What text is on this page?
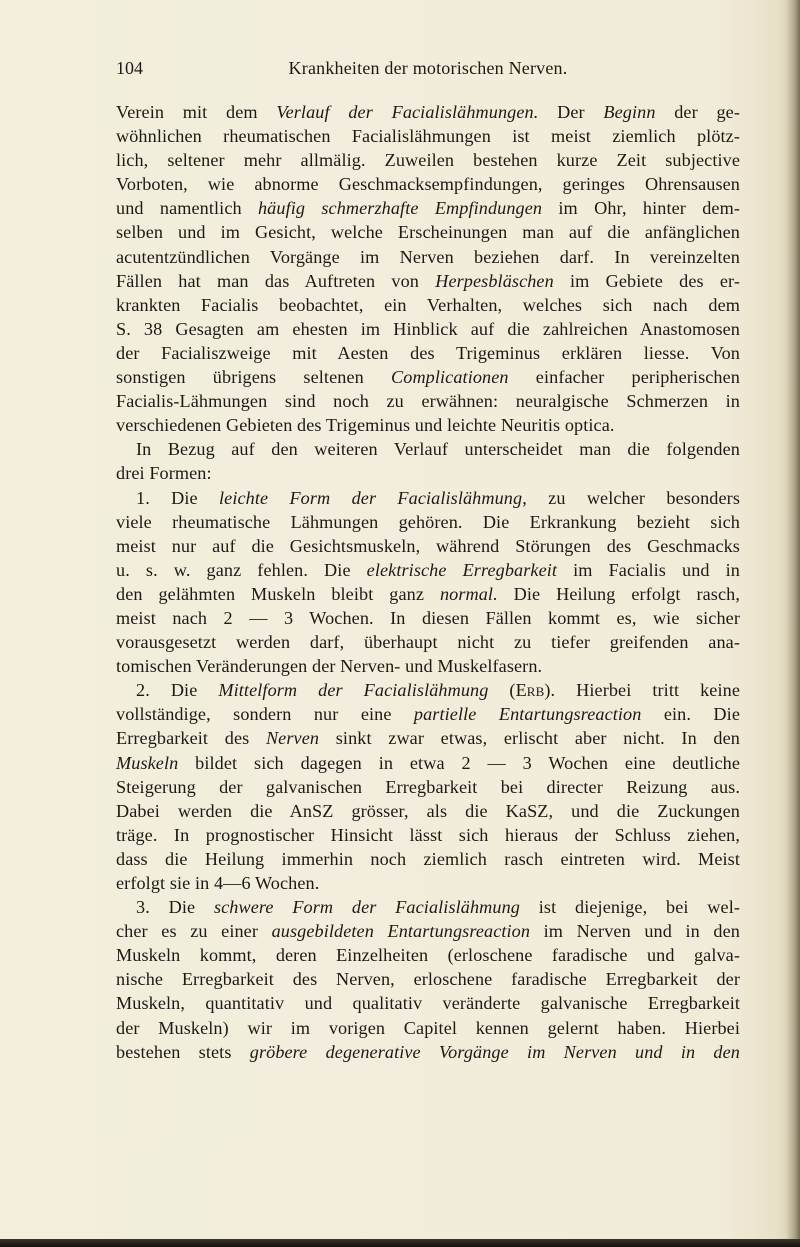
104	Krankheiten der motorischen Nerven.
Verein mit dem Verlauf der Facialislähmungen. Der Beginn der ge-
wöhnlichen rheumatischen Facialislähmungen ist meist ziemlich plötz-
lich, seltener mehr allmälig. Zuweilen bestehen kurze Zeit subjective
Vorboten, wie abnorme Geschmacksempfindungen, geringes Ohrensausen
und namentlich häufig schmerzhafte Empfindungen im Ohr, hinter dem-
selben und im Gesicht, welche Erscheinungen man auf die anfänglichen
acutentzündlichen Vorgänge im Nerven beziehen darf. In vereinzelten
Fällen hat man das Auftreten von Herpesbläschen im Gebiete des er-
krankten Facialis beobachtet, ein Verhalten, welches sich nach dem
S. 38 Gesagten am ehesten im Hinblick auf die zahlreichen Anastomosen
der Facialiszweige mit Aesten des Trigeminus erklären liesse. Von
sonstigen übrigens seltenen Complicationen einfacher peripherischen
Facialis-Lähmungen sind noch zu erwähnen: neuralgische Schmerzen in
verschiedenen Gebieten des Trigeminus und leichte Neuritis optica.
In Bezug auf den weiteren Verlauf unterscheidet man die folgenden
drei Formen:
1. Die leichte Form der Facialislähmung, zu welcher besonders
viele rheumatische Lähmungen gehören. Die Erkrankung bezieht sich
meist nur auf die Gesichtsmuskeln, während Störungen des Geschmacks
u. s. w. ganz fehlen. Die elektrische Erregbarkeit im Facialis und in
den gelähmten Muskeln bleibt ganz normal. Die Heilung erfolgt rasch,
meist nach 2 — 3 Wochen. In diesen Fällen kommt es, wie sicher
vorausgesetzt werden darf, überhaupt nicht zu tiefer greifenden ana-
tomischen Veränderungen der Nerven- und Muskelfasern.
2. Die Mittelform der Facialislähmung (Erb). Hierbei tritt keine
vollständige, sondern nur eine partielle Entartungsreaction ein. Die
Erregbarkeit des Nerven sinkt zwar etwas, erlischt aber nicht. In den
Muskeln bildet sich dagegen in etwa 2 — 3 Wochen eine deutliche
Steigerung der galvanischen Erregbarkeit bei directer Reizung aus.
Dabei werden die AnSZ grösser, als die KaSZ, und die Zuckungen
träge. In prognostischer Hinsicht lässt sich hieraus der Schluss ziehen,
dass die Heilung immerhin noch ziemlich rasch eintreten wird. Meist
erfolgt sie in 4—6 Wochen.
3. Die schwere Form der Facialislähmung ist diejenige, bei wel-
cher es zu einer ausgebildeten Entartungsreaction im Nerven und in den
Muskeln kommt, deren Einzelheiten (erloschene faradische und galva-
nische Erregbarkeit des Nerven, erloschene faradische Erregbarkeit der
Muskeln, quantitativ und qualitativ veränderte galvanische Erregbarkeit
der Muskeln) wir im vorigen Capitel kennen gelernt haben. Hierbei
bestehen stets gröbere degenerative Vorgänge im Nerven und in den
